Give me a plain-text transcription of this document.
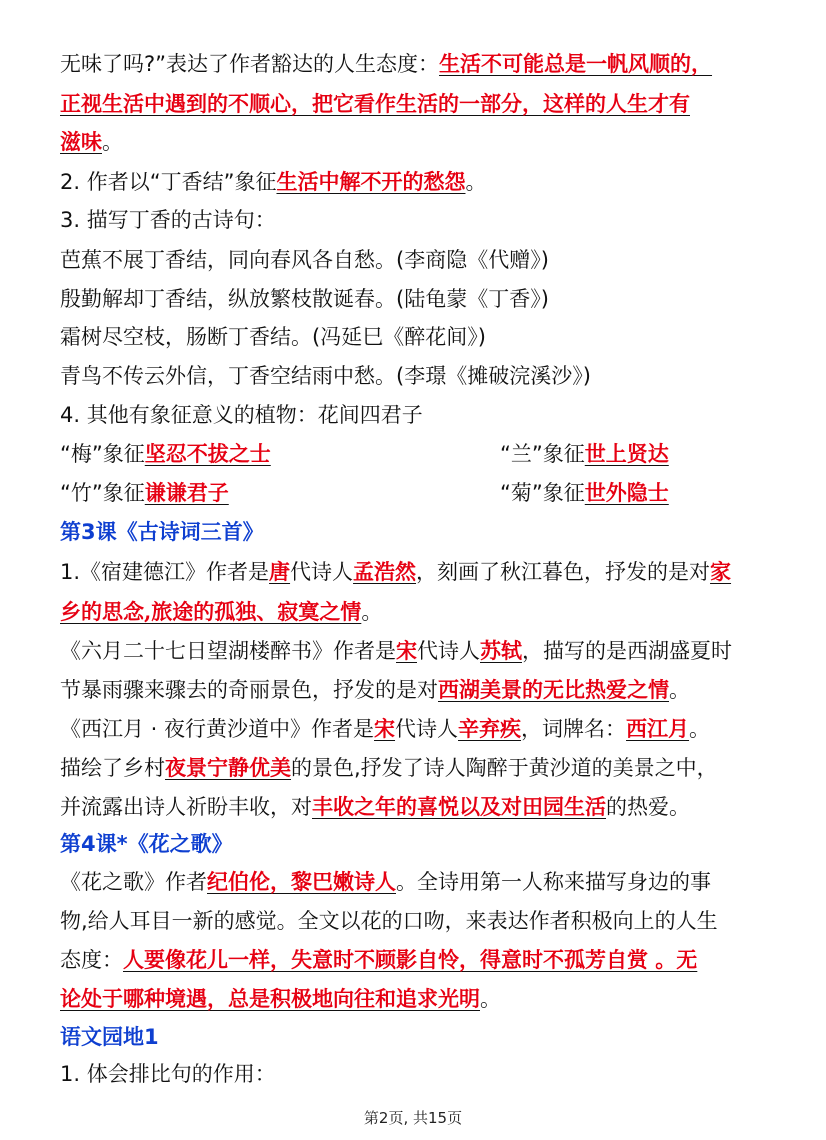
无味了吗?”表达了作者豁达的人生态度：生活不可能总是一帆风顺的，
正视生活中遇到的不顺心，把它看作生活的一部分，这样的人生才有
滋味。
2. 作者以“丁香结”象征生活中解不开的愁怨。
3. 描写丁香的古诗句：
芭蕉不展丁香结，同向春风各自愁。(李商隐《代赠》)
殷勤解却丁香结，纵放繁枝散诞春。(陆龟蒙《丁香》)
霜树尽空枝，肠断丁香结。(冯延巳《醉花间》)
青鸟不传云外信，丁香空结雨中愁。(李璟《摊破浣溪沙》)
4. 其他有象征意义的植物：花间四君子
“梅”象征坚忍不拔之士	“兰”象征世上贤达
“竹”象征谦谦君子	“菊”象征世外隐士
第3课《古诗词三首》
1.《宿建德江》作者是唐代诗人孟浩然，刻画了秋江暮色，抒发的是对家
乡的思念,旅途的孤独、寂寞之情。
《六月二十七日望湖楼醉书》作者是宋代诗人苏轼，描写的是西湖盛夏时
节暴雨骤来骤去的奇丽景色，抒发的是对西湖美景的无比热爱之情。
《西江月 · 夜行黄沙道中》作者是宋代诗人辛弃疾，词牌名：西江月。
描绘了乡村夜景宁静优美的景色,抒发了诗人陶醉于黄沙道的美景之中，
并流露出诗人祈盼丰收，对丰收之年的喜悦以及对田园生活的热爱。
第4课*《花之歌》
《花之歌》作者纪伯伦，黎巴嫩诗人。全诗用第一人称来描写身边的事
物,给人耳目一新的感觉。全文以花的口吻，来表达作者积极向上的人生
态度：人要像花儿一样，失意时不顾影自怜，得意时不孤芳自赏 。无
论处于哪种境遇，总是积极地向往和追求光明。
语文园地1
1. 体会排比句的作用：
第2页, 共15页
